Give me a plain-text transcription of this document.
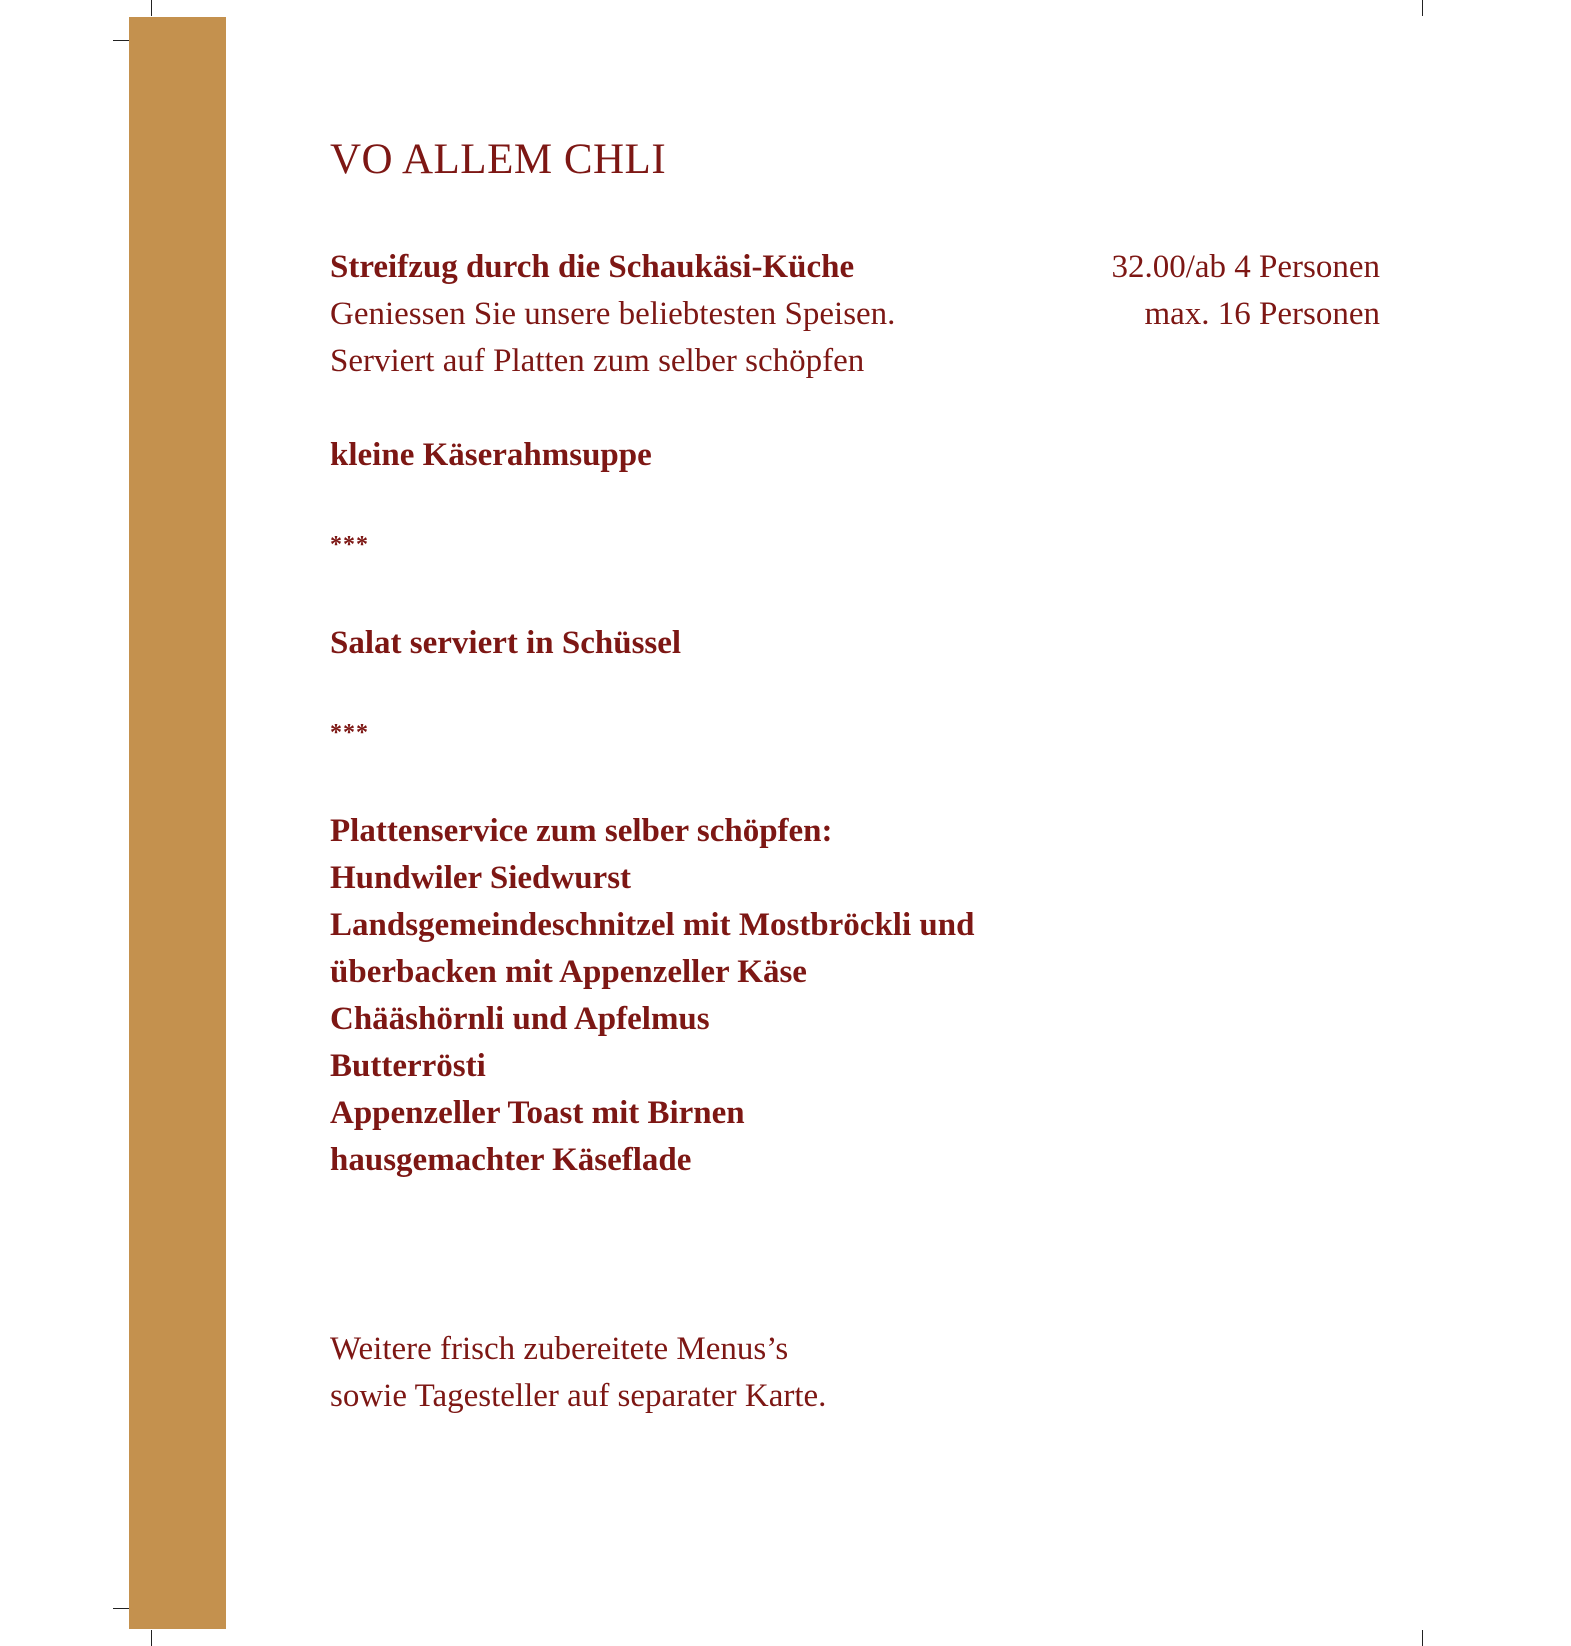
VO ALLEM CHLI
Streifzug durch die Schaukäsi-Küche	32.00/ab 4 Personen
Geniessen Sie unsere beliebtesten Speisen.	max. 16 Personen
Serviert auf Platten zum selber schöpfen
kleine Käserahmsuppe
***
Salat serviert in Schüssel
***
Plattenservice zum selber schöpfen:
Hundwiler Siedwurst
Landsgemeindeschnitzel mit Mostbröckli und
überbacken mit Appenzeller Käse
Chääshörnli und Apfelmus
Butterrösti
Appenzeller Toast mit Birnen
hausgemachter Käseflade
Weitere frisch zubereitete Menus’s
sowie Tagesteller auf separater Karte.
